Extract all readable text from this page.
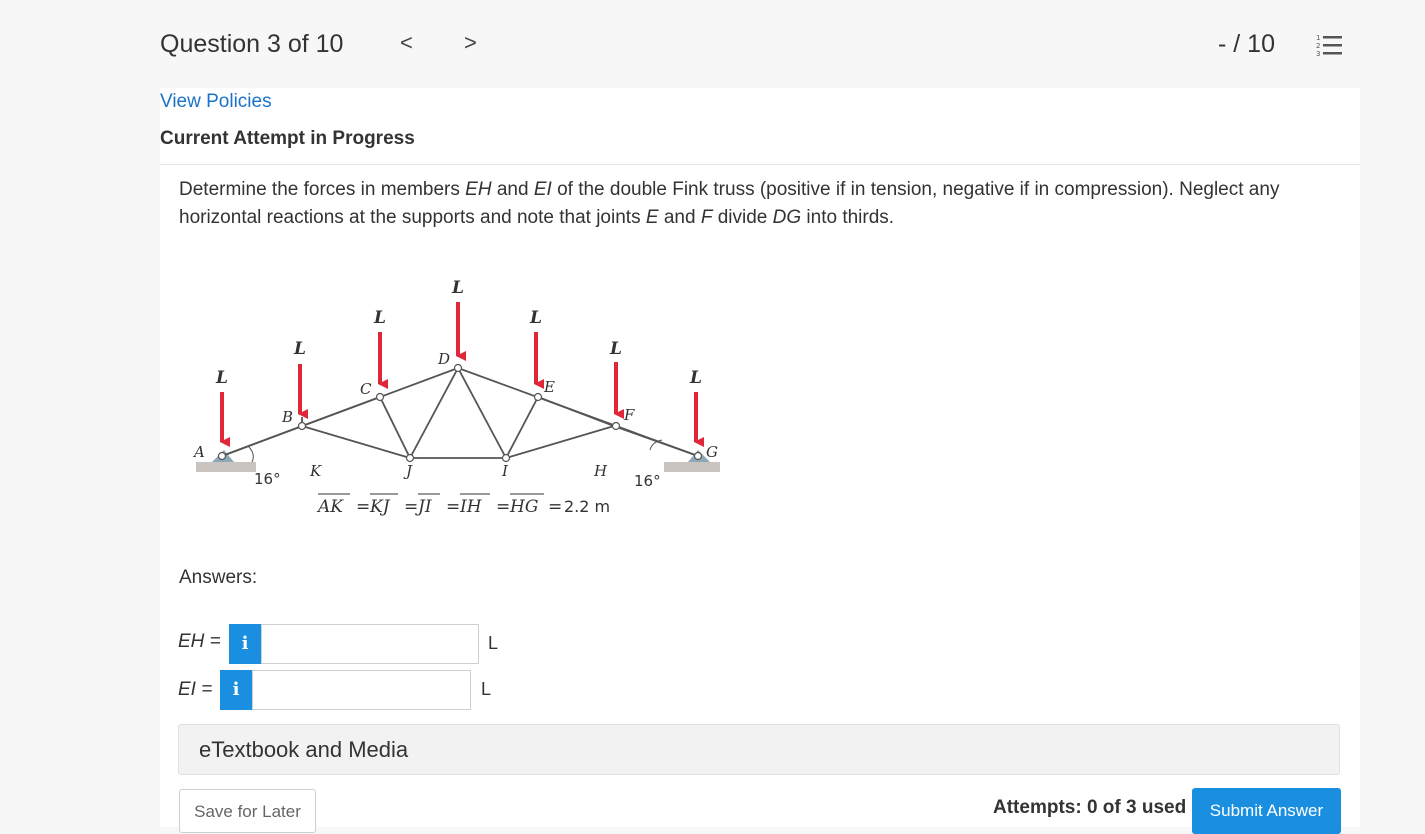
Question 3 of 10	< >	- / 10	1
2
3
View Policies
Current Attempt in Progress
Determine the forces in members EH and EI of the double Fink truss (positive if in tension, negative if in compression). Neglect any horizontal reactions at the supports and note that joints E and F divide DG into thirds.
L
L
L
L
L
L
L
A
B
C
D
E
F
G
K	J	I	H
16°	16°
AK = KJ = JI = IH = HG = 2.2 m
Answers:
EH =	i	L
EI =	i	L
eTextbook and Media
Save for Later	Attempts: 0 of 3 used	Submit Answer
